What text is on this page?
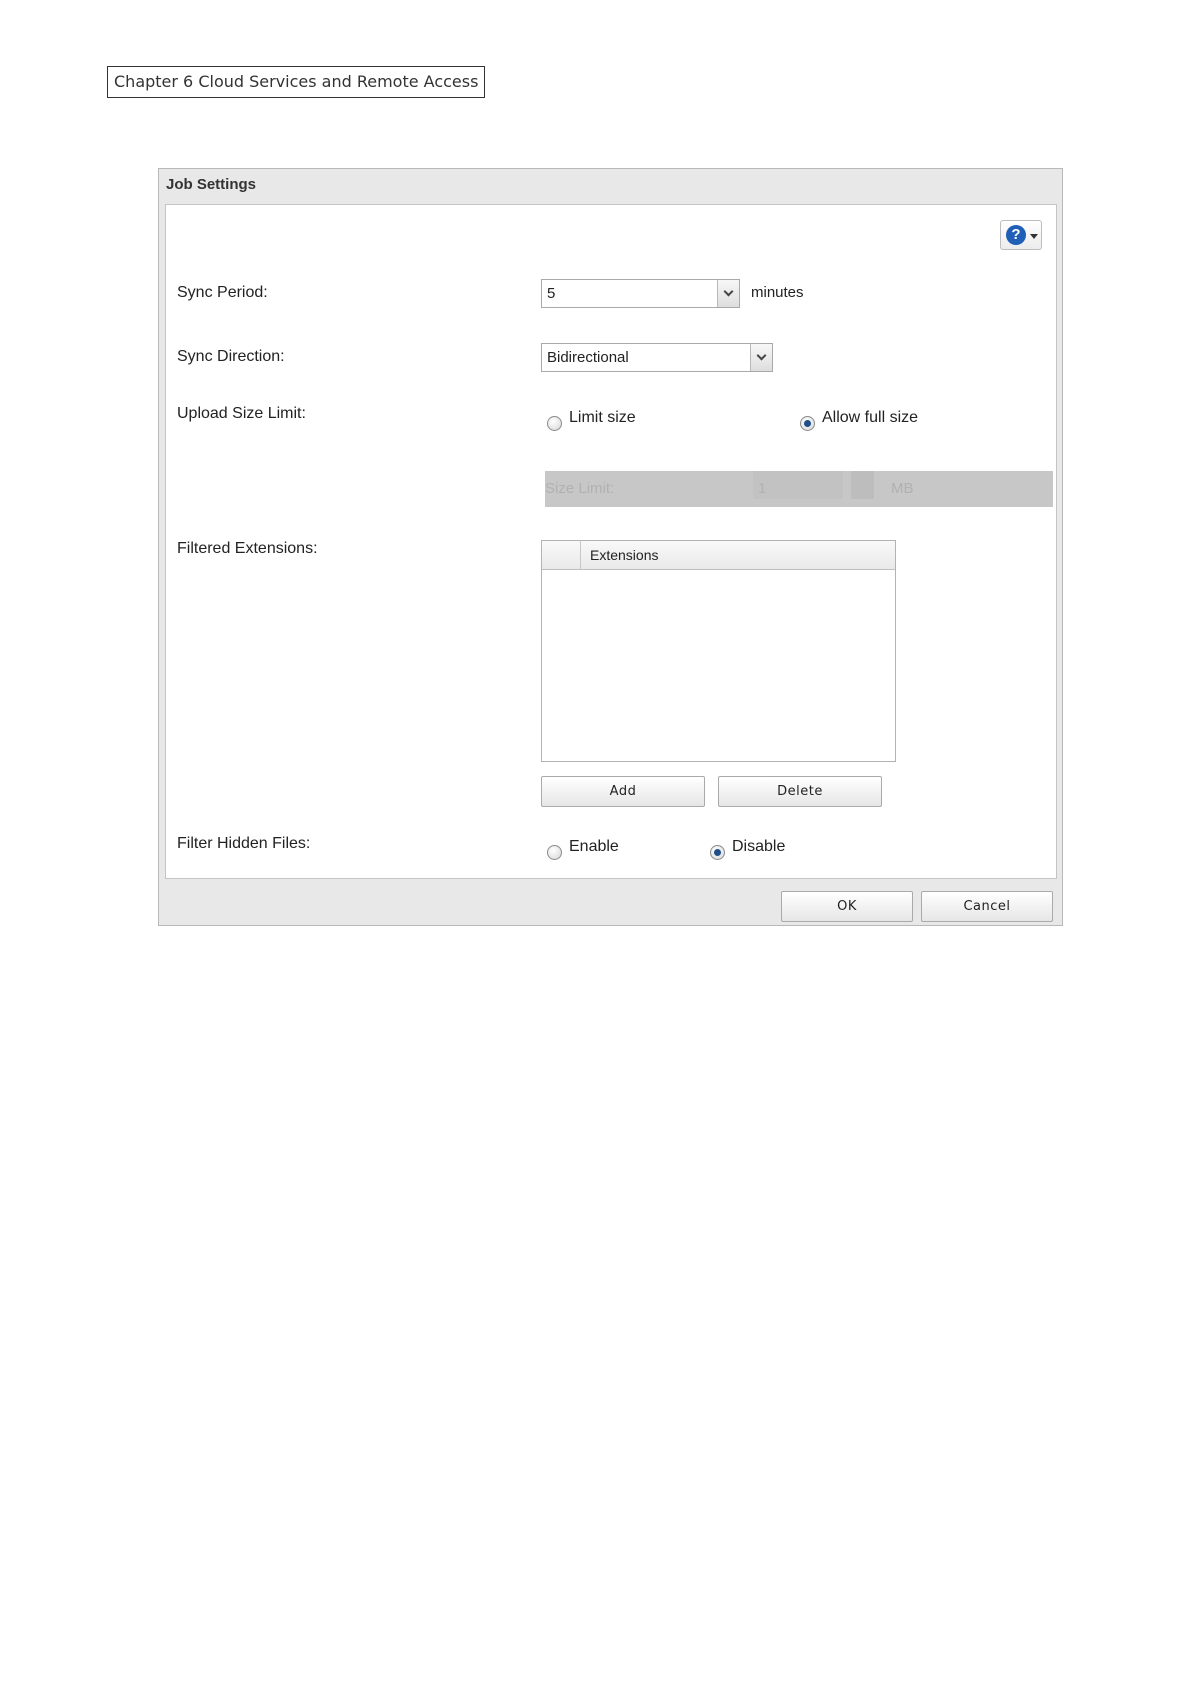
Chapter 6 Cloud Services and Remote Access
Job Settings
?
Sync Period:	5	minutes
Sync Direction:	Bidirectional
Upload Size Limit:	Limit size	Allow full size
Size Limit:	1	MB
Filtered Extensions:	Extensions
Add	Delete
Filter Hidden Files:	Enable	Disable
OK	Cancel
